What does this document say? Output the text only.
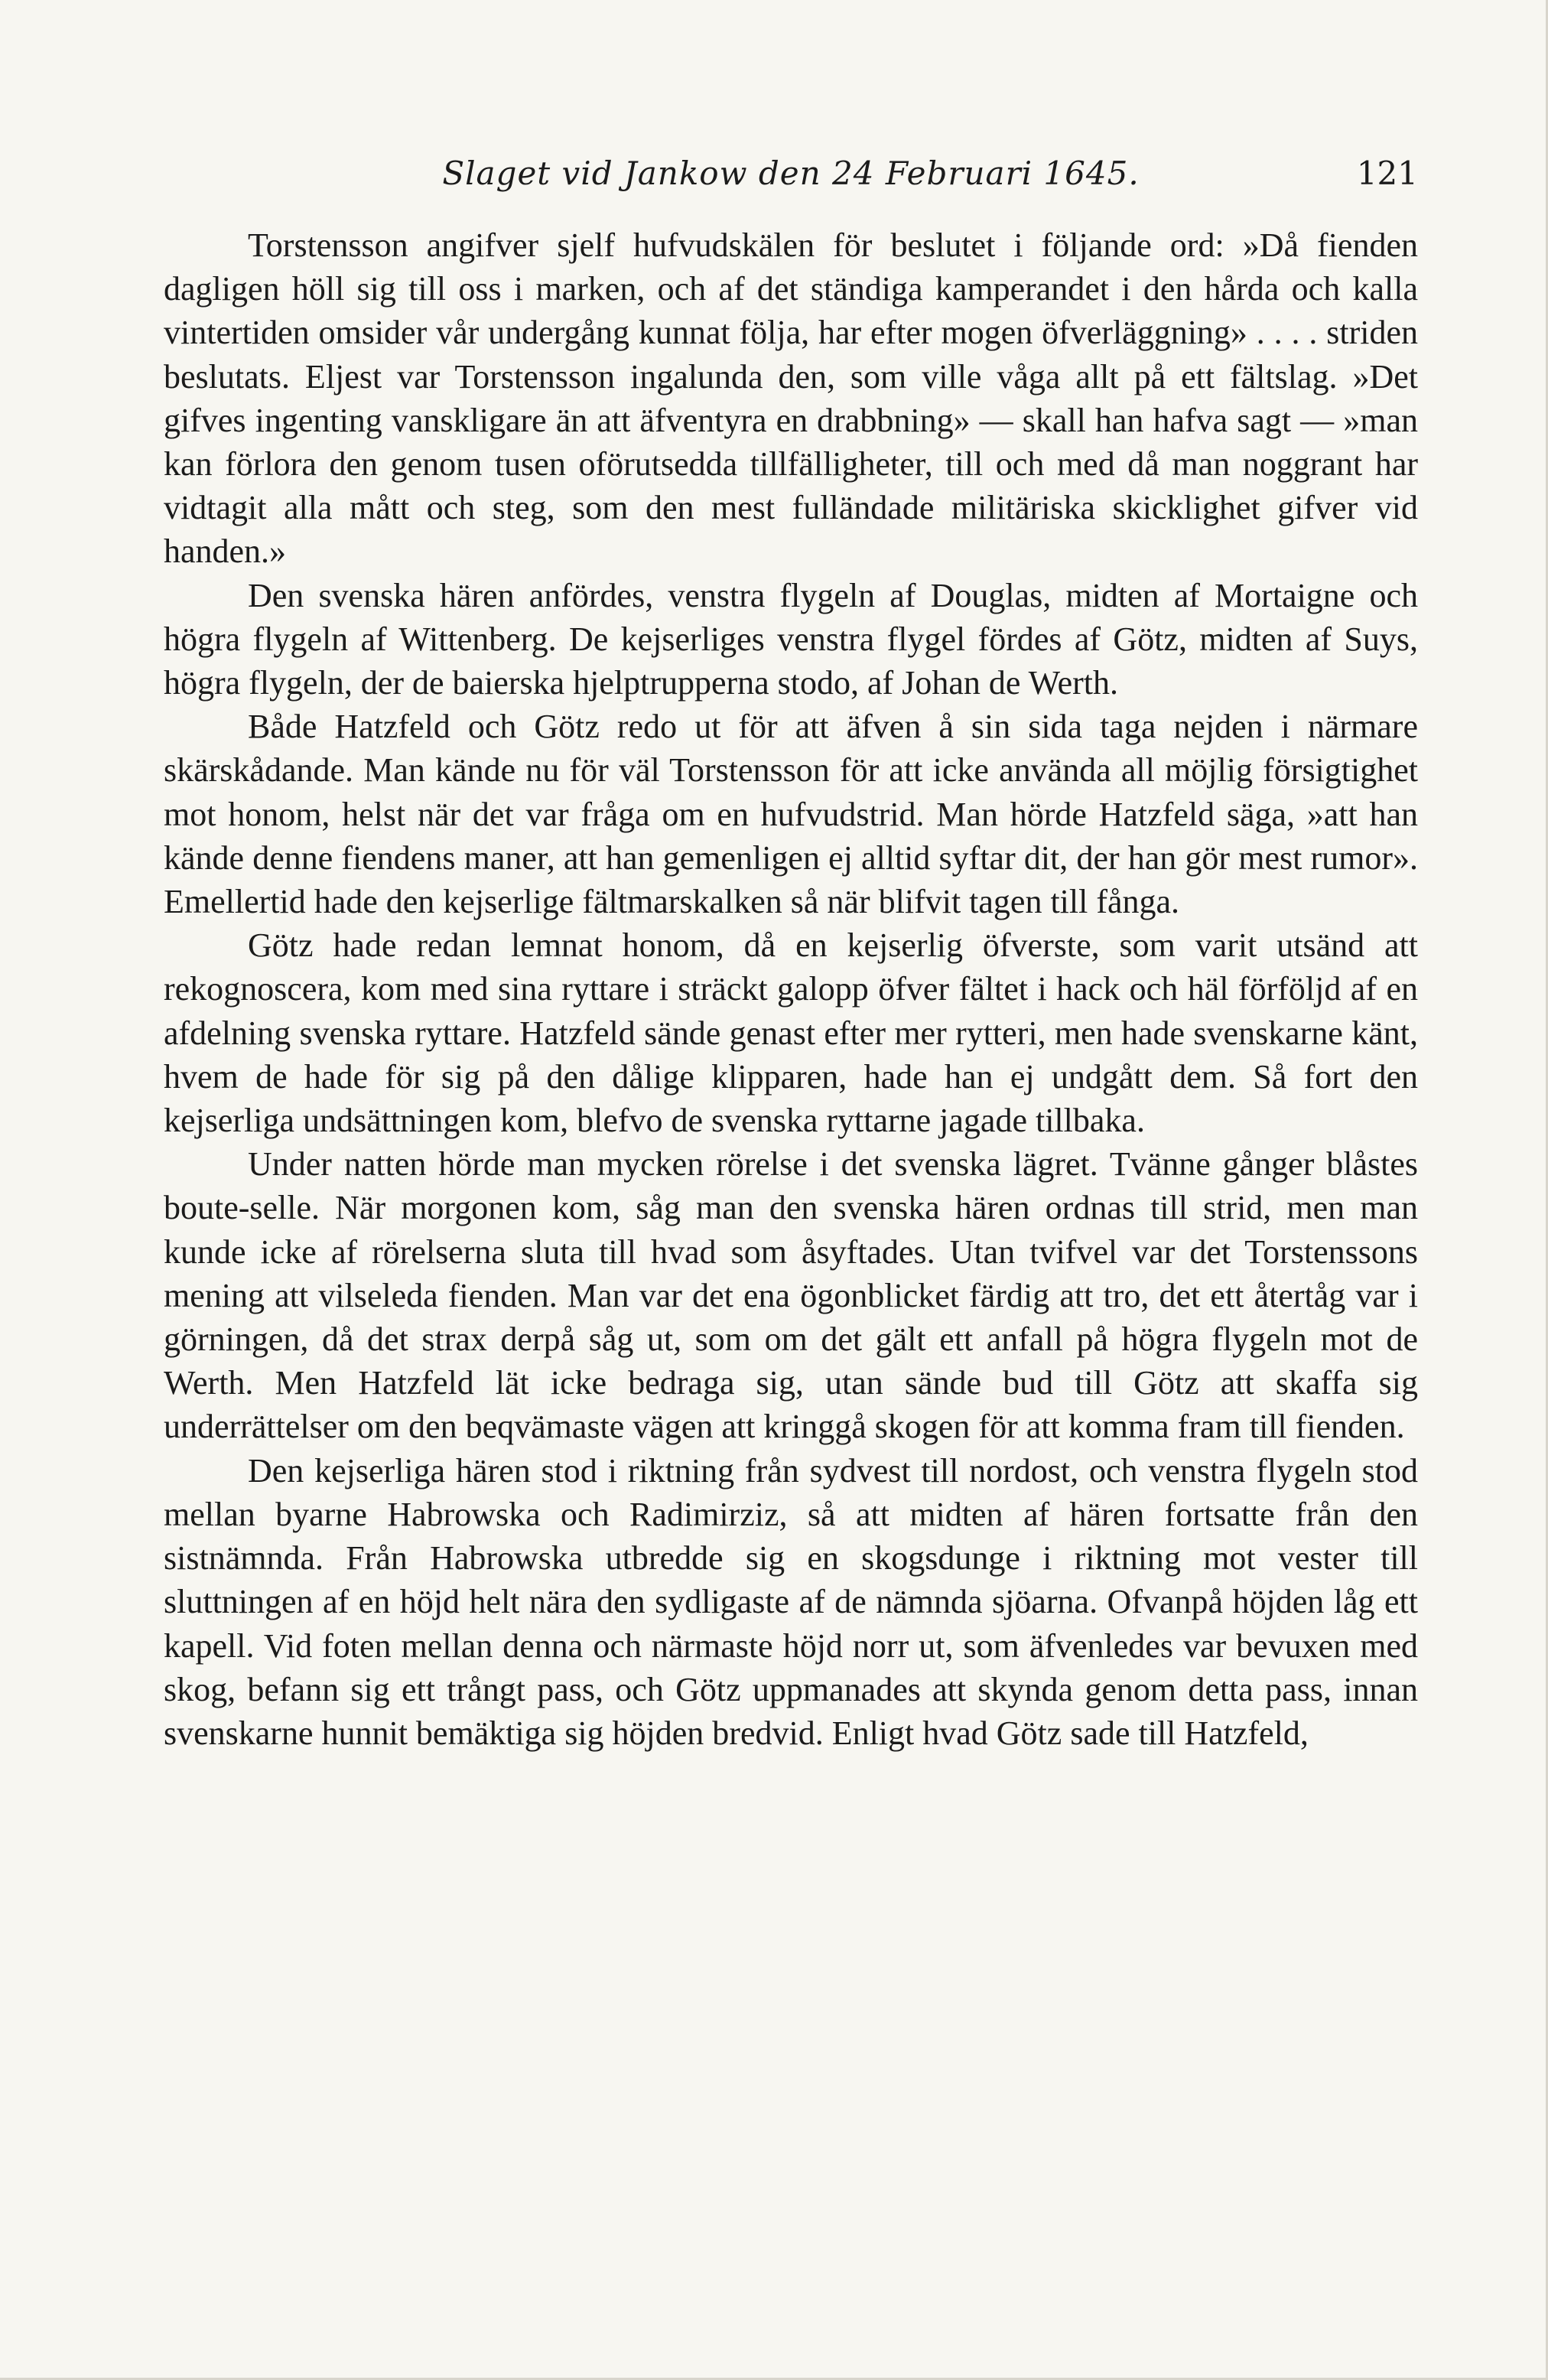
Slaget vid Jankow den 24 Februari 1645.	121

Torstensson angifver sjelf hufvudskälen för beslutet i följande ord: »Då fienden dagligen höll sig till oss i marken, och af det ständiga kamperandet i den hårda och kalla vintertiden omsider vår undergång kunnat följa, har efter mogen öfverläggning» . . . . striden beslutats. Eljest var Torstensson ingalunda den, som ville våga allt på ett fältslag. »Det gifves ingenting vanskligare än att äfventyra en drabbning» — skall han hafva sagt — »man kan förlora den genom tusen oförutsedda tillfälligheter, till och med då man noggrant har vidtagit alla mått och steg, som den mest fulländade militäriska skicklighet gifver vid handen.»

Den svenska hären anfördes, venstra flygeln af Douglas, midten af Mortaigne och högra flygeln af Wittenberg. De kejserliges venstra flygel fördes af Götz, midten af Suys, högra flygeln, der de baierska hjelptrupperna stodo, af Johan de Werth.

Både Hatzfeld och Götz redo ut för att äfven å sin sida taga nejden i närmare skärskådande. Man kände nu för väl Torstensson för att icke använda all möjlig försigtighet mot honom, helst när det var fråga om en hufvudstrid. Man hörde Hatzfeld säga, »att han kände denne fiendens maner, att han gemenligen ej alltid syftar dit, der han gör mest rumor». Emellertid hade den kejserlige fältmarskalken så när blifvit tagen till fånga.

Götz hade redan lemnat honom, då en kejserlig öfverste, som varit utsänd att rekognoscera, kom med sina ryttare i sträckt galopp öfver fältet i hack och häl förföljd af en afdelning svenska ryttare. Hatzfeld sände genast efter mer rytteri, men hade svenskarne känt, hvem de hade för sig på den dålige klipparen, hade han ej undgått dem. Så fort den kejserliga undsättningen kom, blefvo de svenska ryttarne jagade tillbaka.

Under natten hörde man mycken rörelse i det svenska lägret. Tvänne gånger blåstes boute-selle. När morgonen kom, såg man den svenska hären ordnas till strid, men man kunde icke af rörelserna sluta till hvad som åsyftades. Utan tvifvel var det Torstenssons mening att vilseleda fienden. Man var det ena ögonblicket färdig att tro, det ett återtåg var i görningen, då det strax derpå såg ut, som om det gält ett anfall på högra flygeln mot de Werth. Men Hatzfeld lät icke bedraga sig, utan sände bud till Götz att skaffa sig underrättelser om den beqvämaste vägen att kringgå skogen för att komma fram till fienden.

Den kejserliga hären stod i riktning från sydvest till nordost, och venstra flygeln stod mellan byarne Habrowska och Radimirziz, så att midten af hären fortsatte från den sistnämnda. Från Habrowska utbredde sig en skogsdunge i riktning mot vester till sluttningen af en höjd helt nära den sydligaste af de nämnda sjöarna. Ofvanpå höjden låg ett kapell. Vid foten mellan denna och närmaste höjd norr ut, som äfvenledes var bevuxen med skog, befann sig ett trångt pass, och Götz uppmanades att skynda genom detta pass, innan svenskarne hunnit bemäktiga sig höjden bredvid. Enligt hvad Götz sade till Hatzfeld,
